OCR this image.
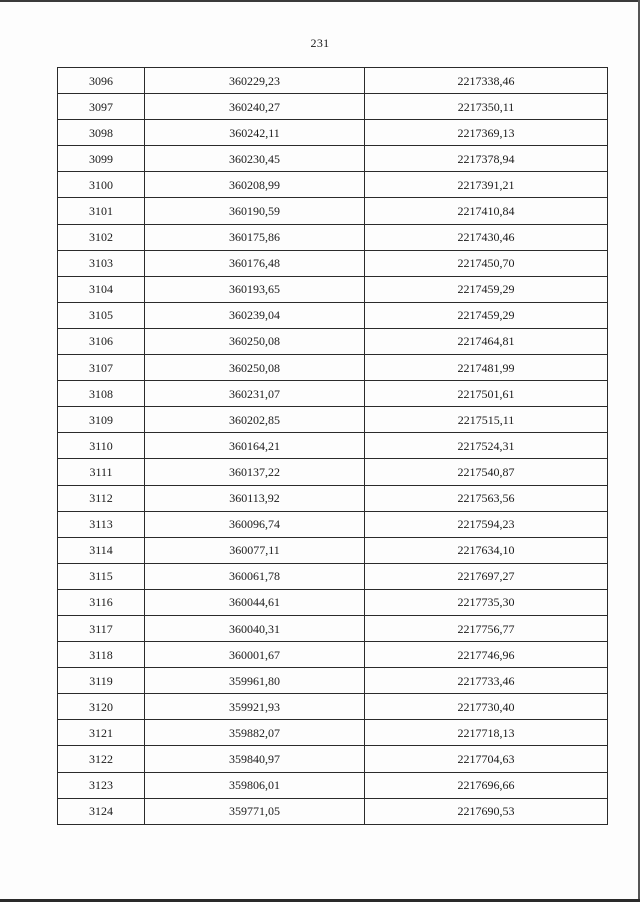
231
3096	360229,23	2217338,46
3097	360240,27	2217350,11
3098	360242,11	2217369,13
3099	360230,45	2217378,94
3100	360208,99	2217391,21
3101	360190,59	2217410,84
3102	360175,86	2217430,46
3103	360176,48	2217450,70
3104	360193,65	2217459,29
3105	360239,04	2217459,29
3106	360250,08	2217464,81
3107	360250,08	2217481,99
3108	360231,07	2217501,61
3109	360202,85	2217515,11
3110	360164,21	2217524,31
3111	360137,22	2217540,87
3112	360113,92	2217563,56
3113	360096,74	2217594,23
3114	360077,11	2217634,10
3115	360061,78	2217697,27
3116	360044,61	2217735,30
3117	360040,31	2217756,77
3118	360001,67	2217746,96
3119	359961,80	2217733,46
3120	359921,93	2217730,40
3121	359882,07	2217718,13
3122	359840,97	2217704,63
3123	359806,01	2217696,66
3124	359771,05	2217690,53
